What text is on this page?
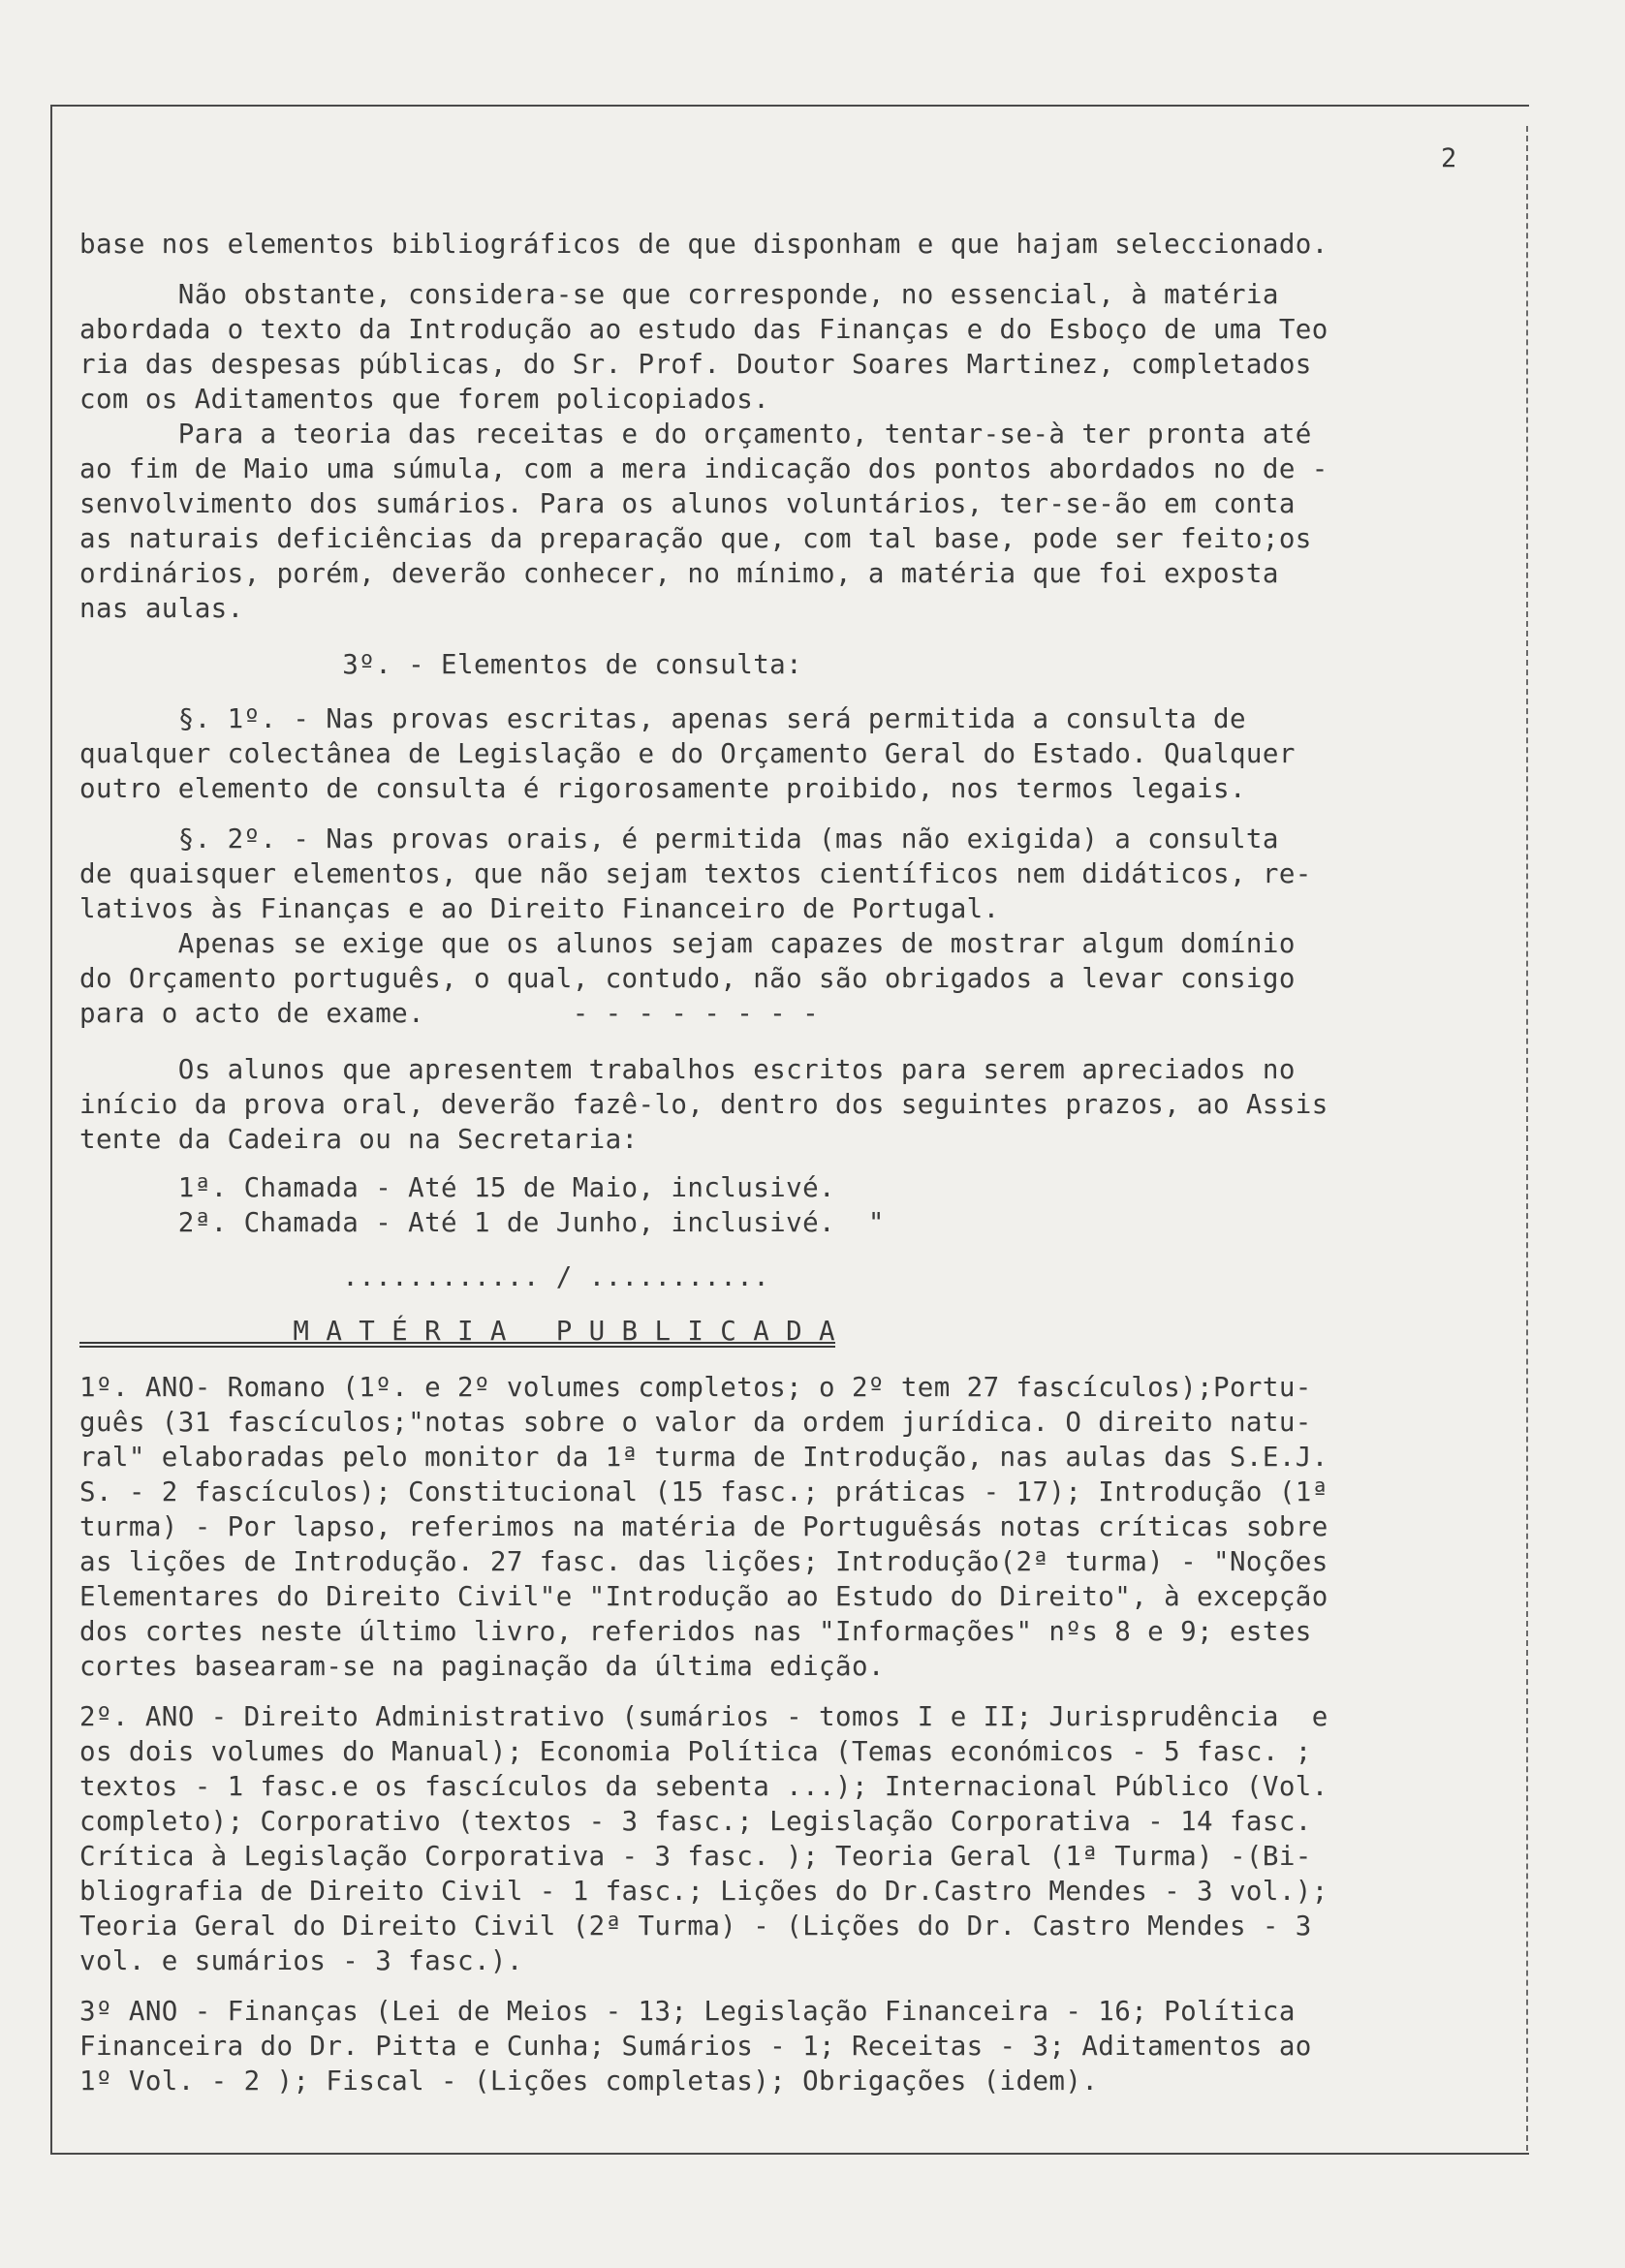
2
base nos elementos bibliográficos de que disponham e que hajam seleccionado.
Não obstante, considera-se que corresponde, no essencial, à matéria
abordada o texto da Introdução ao estudo das Finanças e do Esboço de uma Teo
ria das despesas públicas, do Sr. Prof. Doutor Soares Martinez, completados
com os Aditamentos que forem policopiados.
Para a teoria das receitas e do orçamento, tentar-se-à ter pronta até
ao fim de Maio uma súmula, com a mera indicação dos pontos abordados no de -
senvolvimento dos sumários. Para os alunos voluntários, ter-se-ão em conta
as naturais deficiências da preparação que, com tal base, pode ser feito;os
ordinários, porém, deverão conhecer, no mínimo, a matéria que foi exposta
nas aulas.
3º. - Elementos de consulta:
§. 1º. - Nas provas escritas, apenas será permitida a consulta de
qualquer colectânea de Legislação e do Orçamento Geral do Estado. Qualquer
outro elemento de consulta é rigorosamente proibido, nos termos legais.
§. 2º. - Nas provas orais, é permitida (mas não exigida) a consulta
de quaisquer elementos, que não sejam textos científicos nem didáticos, re-
lativos às Finanças e ao Direito Financeiro de Portugal.
Apenas se exige que os alunos sejam capazes de mostrar algum domínio
do Orçamento português, o qual, contudo, não são obrigados a levar consigo
para o acto de exame.         - - - - - - - -
Os alunos que apresentem trabalhos escritos para serem apreciados no
início da prova oral, deverão fazê-lo, dentro dos seguintes prazos, ao Assis
tente da Cadeira ou na Secretaria:
1ª. Chamada - Até 15 de Maio, inclusivé.
2ª. Chamada - Até 1 de Junho, inclusivé.  "
............ / ...........
M A T É R I A   P U B L I C A D A
1º. ANO- Romano (1º. e 2º volumes completos; o 2º tem 27 fascículos);Portu-
guês (31 fascículos;"notas sobre o valor da ordem jurídica. O direito natu-
ral" elaboradas pelo monitor da 1ª turma de Introdução, nas aulas das S.E.J.
S. - 2 fascículos); Constitucional (15 fasc.; práticas - 17); Introdução (1ª
turma) - Por lapso, referimos na matéria de Portuguêsás notas críticas sobre
as lições de Introdução. 27 fasc. das lições; Introdução(2ª turma) - "Noções
Elementares do Direito Civil"e "Introdução ao Estudo do Direito", à excepção
dos cortes neste último livro, referidos nas "Informações" nºs 8 e 9; estes
cortes basearam-se na paginação da última edição.
2º. ANO - Direito Administrativo (sumários - tomos I e II; Jurisprudência  e
os dois volumes do Manual); Economia Política (Temas económicos - 5 fasc. ;
textos - 1 fasc.e os fascículos da sebenta ...); Internacional Público (Vol.
completo); Corporativo (textos - 3 fasc.; Legislação Corporativa - 14 fasc.
Crítica à Legislação Corporativa - 3 fasc. ); Teoria Geral (1ª Turma) -(Bi-
bliografia de Direito Civil - 1 fasc.; Lições do Dr.Castro Mendes - 3 vol.);
Teoria Geral do Direito Civil (2ª Turma) - (Lições do Dr. Castro Mendes - 3
vol. e sumários - 3 fasc.).
3º ANO - Finanças (Lei de Meios - 13; Legislação Financeira - 16; Política
Financeira do Dr. Pitta e Cunha; Sumários - 1; Receitas - 3; Aditamentos ao
1º Vol. - 2 ); Fiscal - (Lições completas); Obrigações (idem).
